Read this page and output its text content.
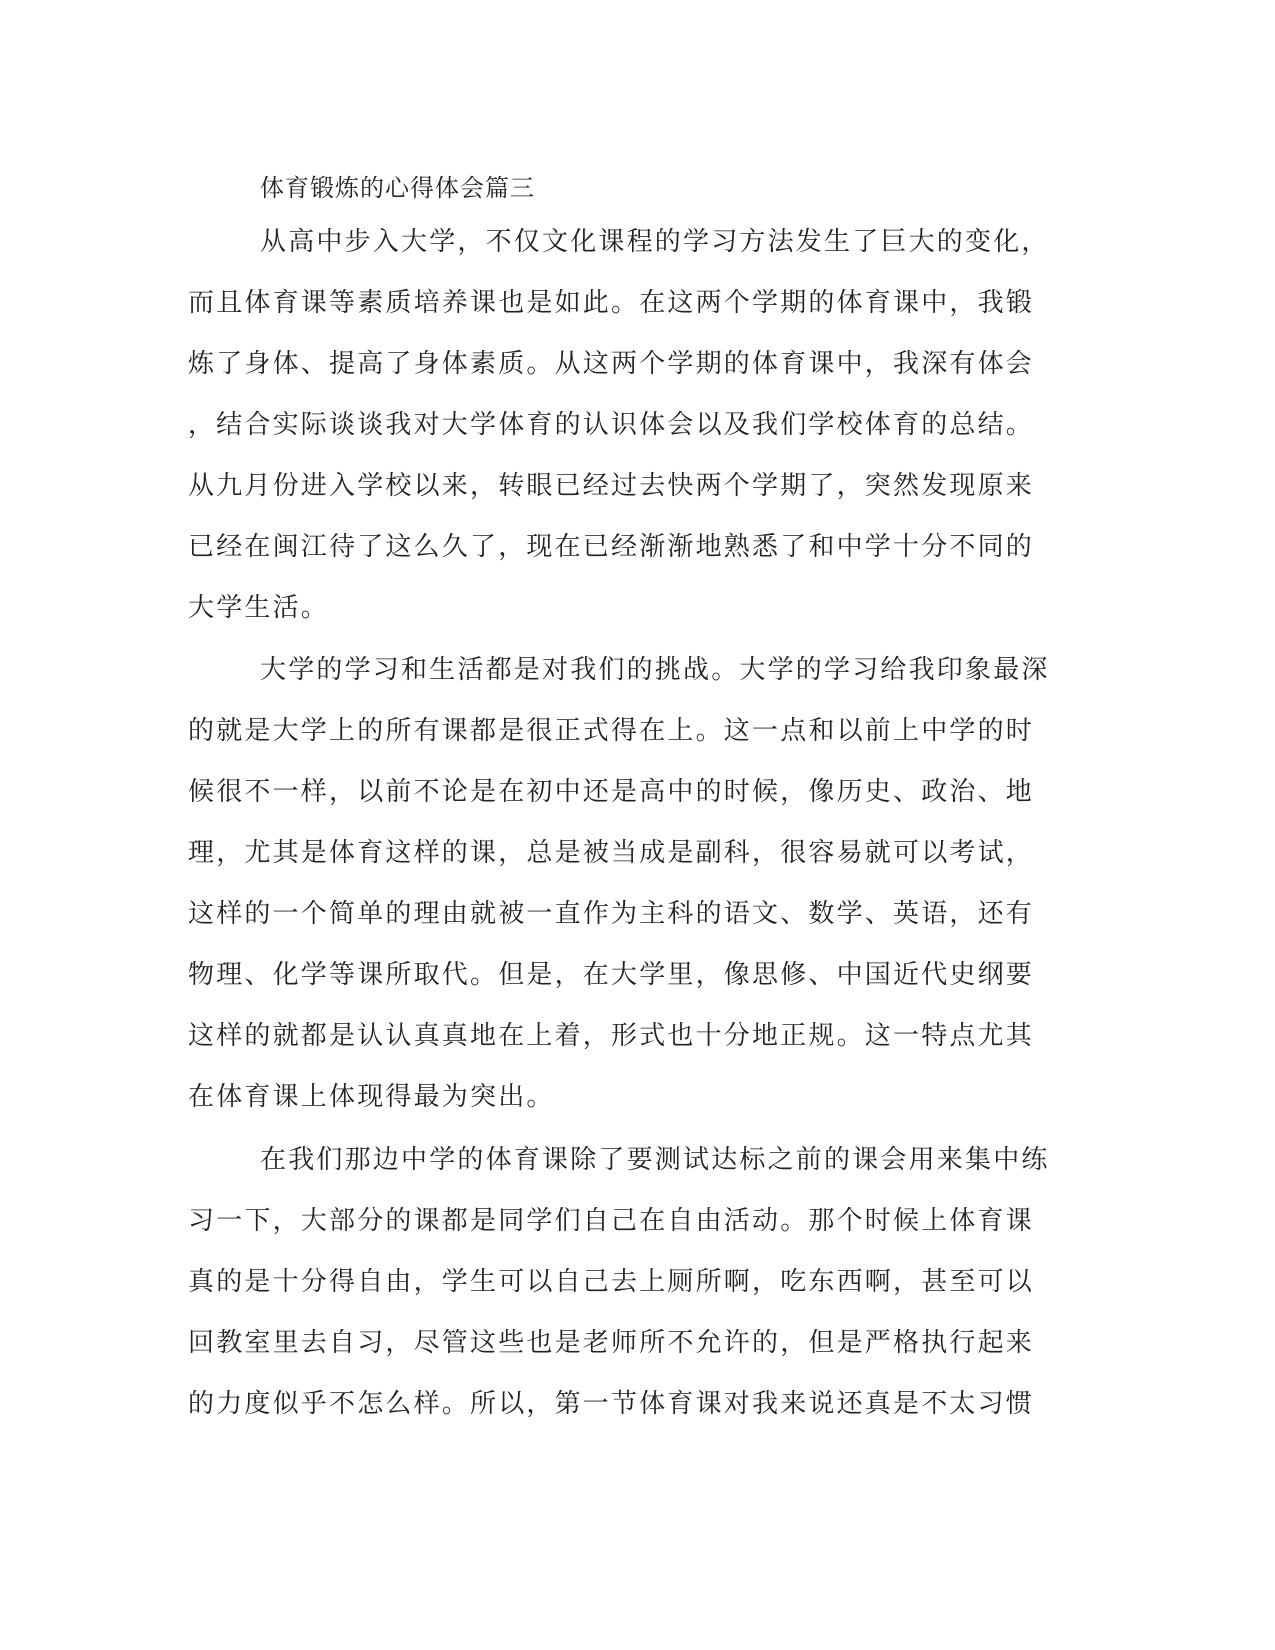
体育锻炼的心得体会篇三
从高中步入大学，不仅文化课程的学习方法发生了巨大的变化，
而且体育课等素质培养课也是如此。在这两个学期的体育课中，我锻
炼了身体、提高了身体素质。从这两个学期的体育课中，我深有体会
，结合实际谈谈我对大学体育的认识体会以及我们学校体育的总结。
从九月份进入学校以来，转眼已经过去快两个学期了，突然发现原来
已经在闽江待了这么久了，现在已经渐渐地熟悉了和中学十分不同的
大学生活。
大学的学习和生活都是对我们的挑战。大学的学习给我印象最深
的就是大学上的所有课都是很正式得在上。这一点和以前上中学的时
候很不一样，以前不论是在初中还是高中的时候，像历史、政治、地
理，尤其是体育这样的课，总是被当成是副科，很容易就可以考试，
这样的一个简单的理由就被一直作为主科的语文、数学、英语，还有
物理、化学等课所取代。但是，在大学里，像思修、中国近代史纲要
这样的就都是认认真真地在上着，形式也十分地正规。这一特点尤其
在体育课上体现得最为突出。
在我们那边中学的体育课除了要测试达标之前的课会用来集中练
习一下，大部分的课都是同学们自己在自由活动。那个时候上体育课
真的是十分得自由，学生可以自己去上厕所啊，吃东西啊，甚至可以
回教室里去自习，尽管这些也是老师所不允许的，但是严格执行起来
的力度似乎不怎么样。所以，第一节体育课对我来说还真是不太习惯
